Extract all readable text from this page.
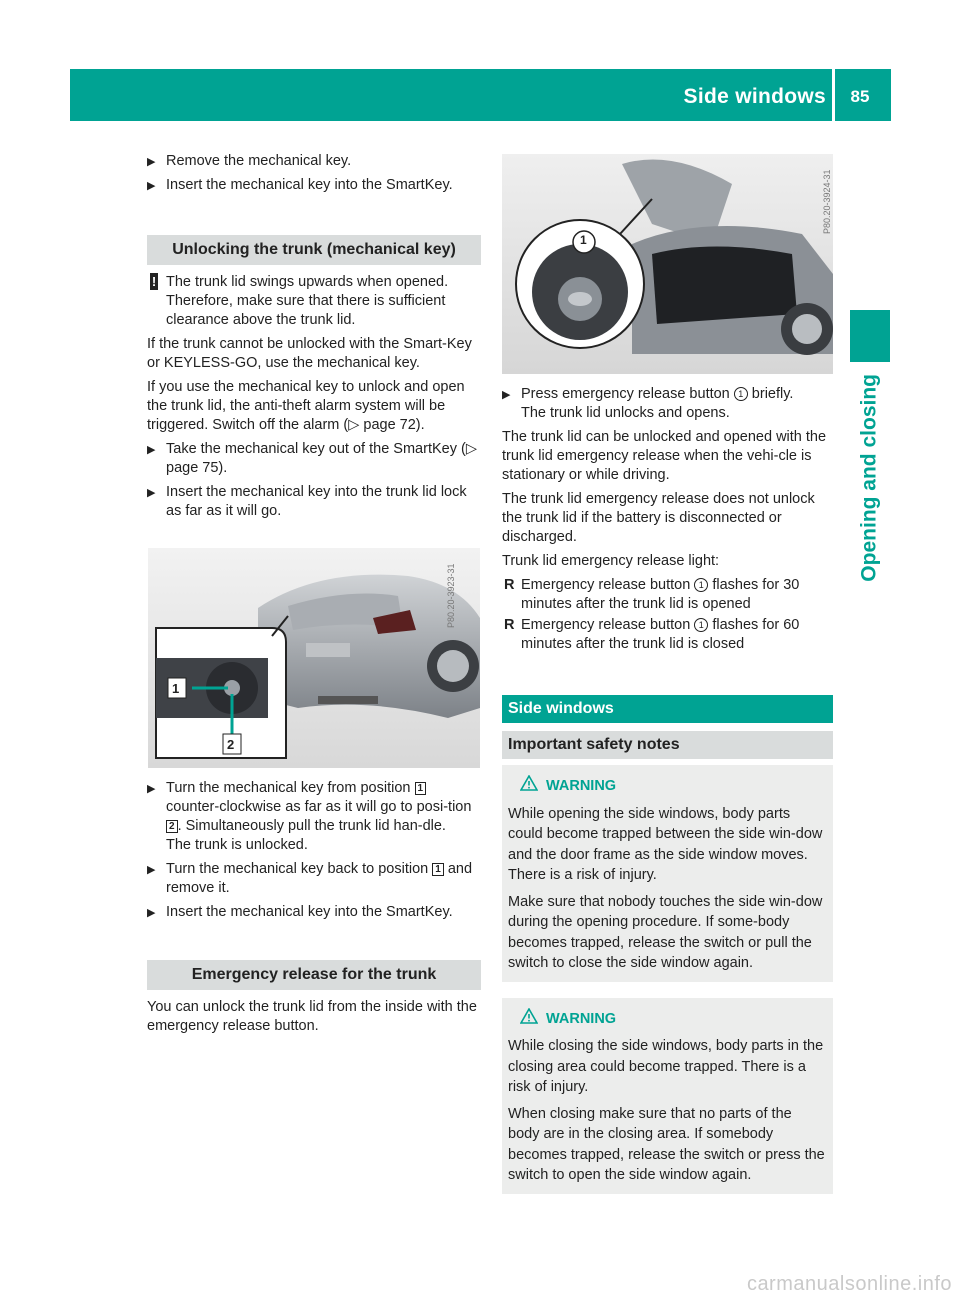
Side windows	85
Opening and closing
▶ Remove the mechanical key.
▶ Insert the mechanical key into the SmartKey.
Unlocking the trunk (mechanical key)
! The trunk lid swings upwards when opened. Therefore, make sure that there is sufficient clearance above the trunk lid.

If the trunk cannot be unlocked with the Smart-Key or KEYLESS-GO, use the mechanical key.

If you use the mechanical key to unlock and open the trunk lid, the anti-theft alarm system will be triggered. Switch off the alarm (▷ page 72).

▶ Take the mechanical key out of the SmartKey (▷ page 75).
▶ Insert the mechanical key into the trunk lid lock as far as it will go.
1
2
P80.20-3923-31
▶ Turn the mechanical key from position 1 counter-clockwise as far as it will go to posi-tion 2 . Simultaneously pull the trunk lid han-dle.
The trunk is unlocked.
▶ Turn the mechanical key back to position 1 and remove it.
▶ Insert the mechanical key into the SmartKey.
Emergency release for the trunk

You can unlock the trunk lid from the inside with the emergency release button.

1
P80.20-3924-31
▶ Press emergency release button 1 briefly.
The trunk lid unlocks and opens.

The trunk lid can be unlocked and opened with the trunk lid emergency release when the vehi-cle is stationary or while driving.

The trunk lid emergency release does not unlock the trunk lid if the battery is disconnected or discharged.

Trunk lid emergency release light:

R Emergency release button 1 flashes for 30 minutes after the trunk lid is opened
R Emergency release button 1 flashes for 60 minutes after the trunk lid is closed
Side windows
Important safety notes
WARNING

While opening the side windows, body parts could become trapped between the side win-dow and the door frame as the side window moves. There is a risk of injury.

Make sure that nobody touches the side win-dow during the opening procedure. If some-body becomes trapped, release the switch or pull the switch to close the side window again.

WARNING

While closing the side windows, body parts in the closing area could become trapped. There is a risk of injury.

When closing make sure that no parts of the body are in the closing area. If somebody becomes trapped, release the switch or press the switch to open the side window again.

carmanualsonline.info
